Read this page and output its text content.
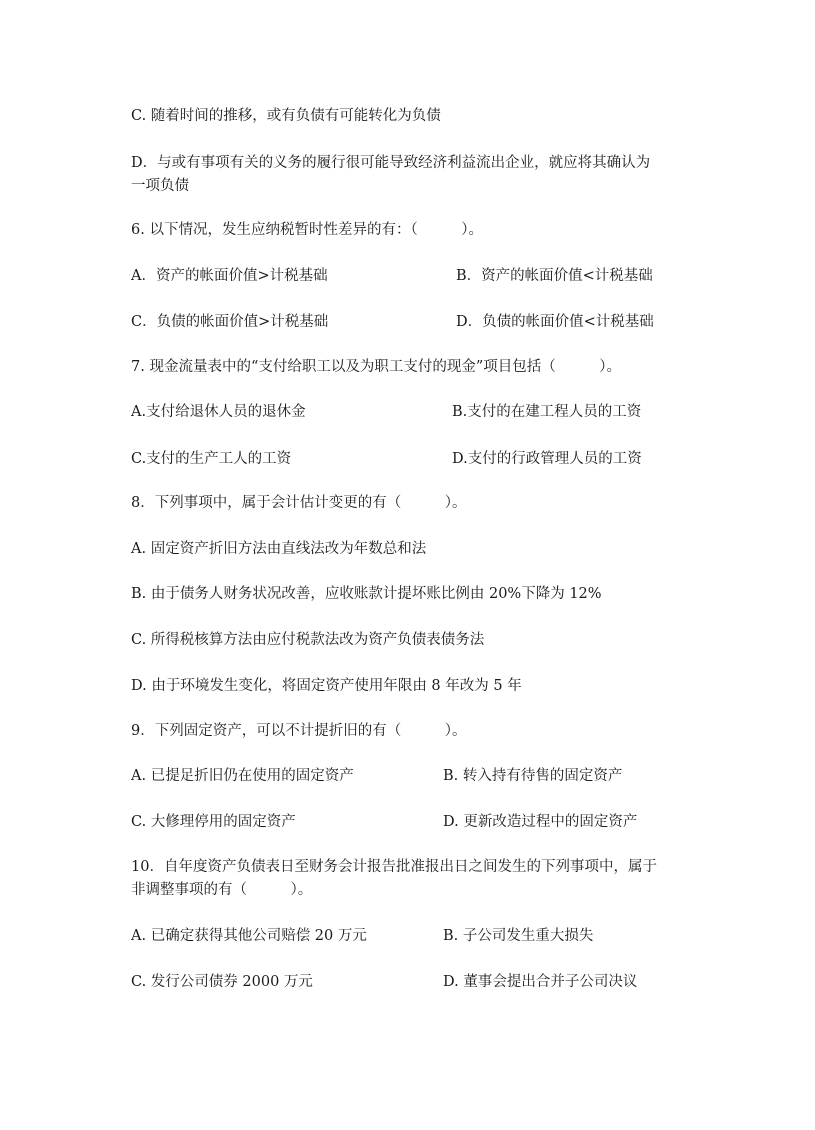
C. 随着时间的推移，或有负债有可能转化为负债
D．与或有事项有关的义务的履行很可能导致经济利益流出企业，就应将其确认为
一项负债
6. 以下情况，发生应纳税暂时性差异的有：（　　　）。
A．资产的帐面价值>计税基础	B．资产的帐面价值<计税基础
C．负债的帐面价值>计税基础	D．负债的帐面价值<计税基础
7. 现金流量表中的“支付给职工以及为职工支付的现金”项目包括（　　　）。
A.支付给退休人员的退休金	B.支付的在建工程人员的工资
C.支付的生产工人的工资	D.支付的行政管理人员的工资
8．下列事项中，属于会计估计变更的有（　　　）。
A. 固定资产折旧方法由直线法改为年数总和法
B. 由于债务人财务状况改善，应收账款计提坏账比例由 20%下降为 12%
C. 所得税核算方法由应付税款法改为资产负债表债务法
D. 由于环境发生变化，将固定资产使用年限由 8 年改为 5 年
9．下列固定资产，可以不计提折旧的有（　　　）。
A. 已提足折旧仍在使用的固定资产	B. 转入持有待售的固定资产
C. 大修理停用的固定资产	D. 更新改造过程中的固定资产
10．自年度资产负债表日至财务会计报告批准报出日之间发生的下列事项中，属于
非调整事项的有（　　　）。
A. 已确定获得其他公司赔偿 20 万元	B. 子公司发生重大损失
C. 发行公司债券 2000 万元	D. 董事会提出合并子公司决议
